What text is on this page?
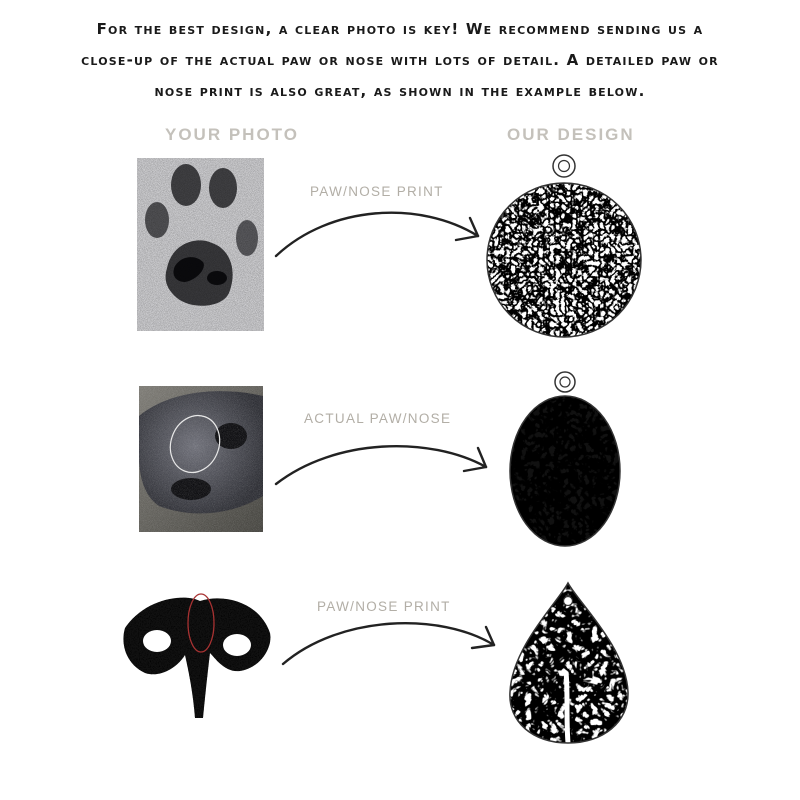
For the best design, a clear photo is key! We recommend sending us a
close-up of the actual paw or nose with lots of detail. A detailed paw or
nose print is also great, as shown in the example below.
YOUR PHOTO	OUR DESIGN
PAW/NOSE PRINT
ACTUAL PAW/NOSE
PAW/NOSE PRINT
